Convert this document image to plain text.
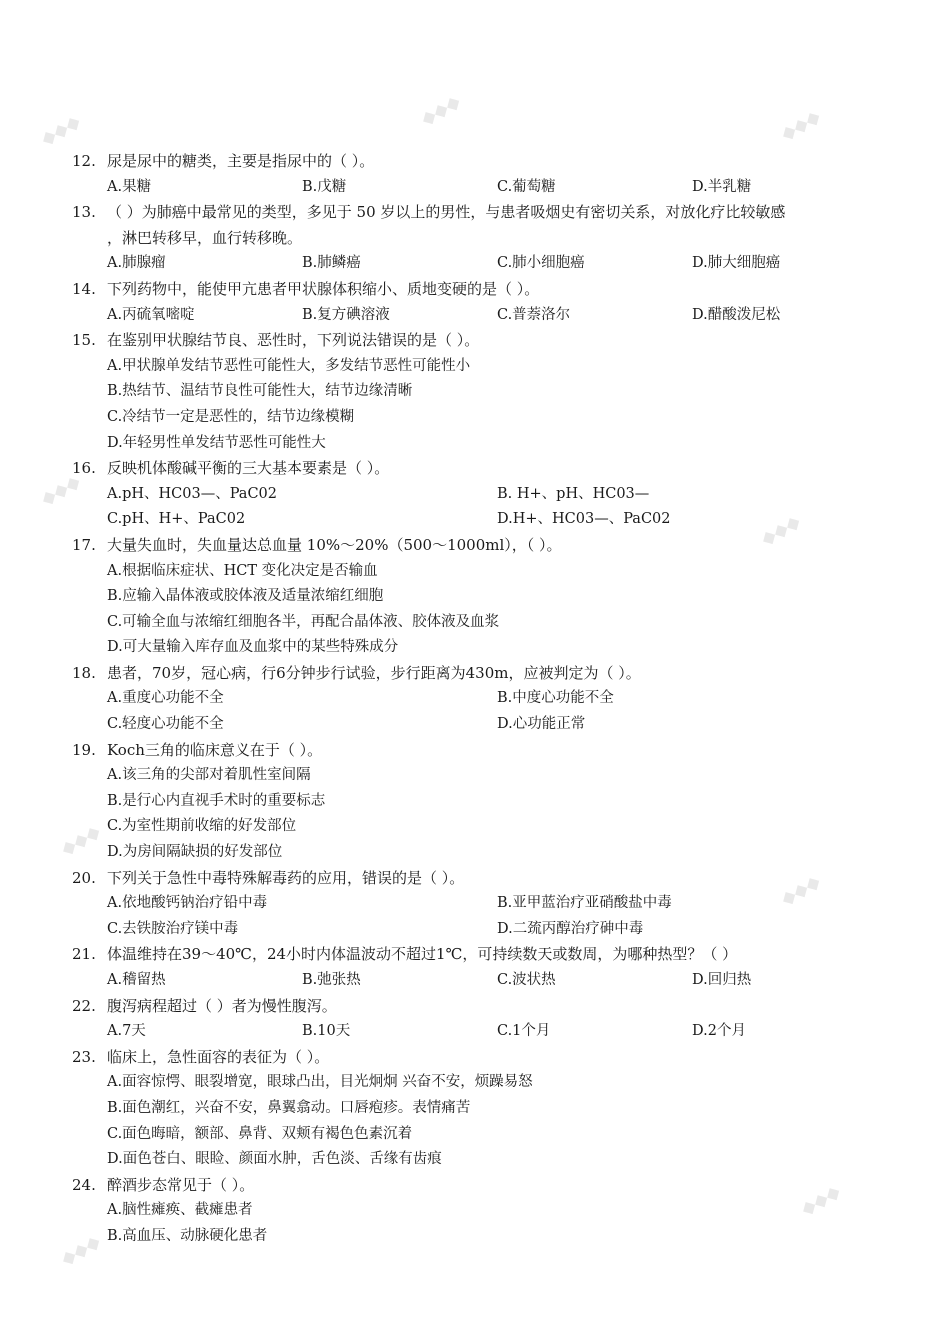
◆◆◆
◆◆◆	◆◆◆
◆◆◆
◆◆◆
◆◆◆
◆◆◆
◆◆◆
◆◆◆
12. 尿是尿中的糖类，主要是指尿中的（ ）。
A.果糖	B.戊糖	C.葡萄糖	D.半乳糖
13. （ ）为肺癌中最常见的类型，多见于 50 岁以上的男性，与患者吸烟史有密切关系，对放化疗比较敏感
，淋巴转移早，血行转移晚。
A.肺腺瘤	B.肺鳞癌	C.肺小细胞癌	D.肺大细胞癌
14. 下列药物中，能使甲亢患者甲状腺体积缩小、质地变硬的是（ ）。
A.丙硫氧嘧啶	B.复方碘溶液	C.普萘洛尔	D.醋酸泼尼松
15. 在鉴别甲状腺结节良、恶性时，下列说法错误的是（ ）。
A.甲状腺单发结节恶性可能性大，多发结节恶性可能性小
B.热结节、温结节良性可能性大，结节边缘清晰
C.冷结节一定是恶性的，结节边缘模糊
D.年轻男性单发结节恶性可能性大
16. 反映机体酸碱平衡的三大基本要素是（ ）。
A.pH、HC03—、PaC02	B. H+、pH、HC03—
C.pH、H+、PaC02	D.H+、HC03—、PaC02
17. 大量失血时，失血量达总血量 10%～20%（500～1000ml），（ ）。
A.根据临床症状、HCT 变化决定是否输血
B.应输入晶体液或胶体液及适量浓缩红细胞
C.可输全血与浓缩红细胞各半，再配合晶体液、胶体液及血浆
D.可大量输入库存血及血浆中的某些特殊成分
18. 患者，70岁，冠心病，行6分钟步行试验，步行距离为430m，应被判定为（ ）。
A.重度心功能不全	B.中度心功能不全
C.轻度心功能不全	D.心功能正常
19. Koch三角的临床意义在于（ ）。
A.该三角的尖部对着肌性室间隔
B.是行心内直视手术时的重要标志
C.为室性期前收缩的好发部位
D.为房间隔缺损的好发部位
20. 下列关于急性中毒特殊解毒药的应用，错误的是（ ）。
A.依地酸钙钠治疗铅中毒	B.亚甲蓝治疗亚硝酸盐中毒
C.去铁胺治疗镁中毒	D.二巯丙醇治疗砷中毒
21. 体温维持在39～40℃，24小时内体温波动不超过1℃，可持续数天或数周，为哪种热型？（ ）
A.稽留热	B.弛张热	C.波状热	D.回归热
22. 腹泻病程超过（ ）者为慢性腹泻。
A.7天	B.10天	C.1个月	D.2个月
23. 临床上，急性面容的表征为（ ）。
A.面容惊愕、眼裂增宽，眼球凸出，目光炯炯 兴奋不安，烦躁易怒
B.面色潮红，兴奋不安，鼻翼翕动。口唇疱疹。表情痛苦
C.面色晦暗，额部、鼻背、双颊有褐色色素沉着
D.面色苍白、眼睑、颜面水肿，舌色淡、舌缘有齿痕
24. 醉酒步态常见于（ ）。
A.脑性瘫痪、截瘫患者
B.高血压、动脉硬化患者
